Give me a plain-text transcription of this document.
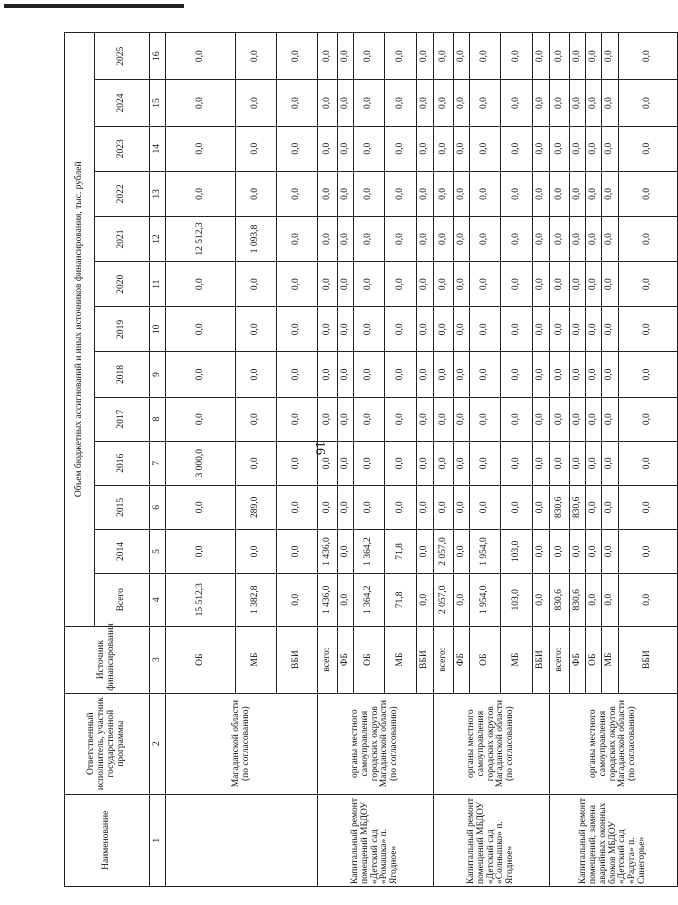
16
Наименование	Ответственный исполнитель, участник государственной программы	Источник финансирования	Объем бюджетных ассигнований и иных источников финансирования, тыс. рублей												
			Всего	2014	2015	2016	2017	2018	2019	2020	2021	2022	2023	2024	2025
1	2	3	4	5	6	7	8	9	10	11	12	13	14	15	16
	Магаданской области (по согласованию)	ОБ	15 512,3	0,0	0,0	3 000,0	0,0	0,0	0,0	0,0	12 512,3	0,0	0,0	0,0	0,0
		МБ	1 382,8	0,0	289,0	0,0	0,0	0,0	0,0	0,0	1 093,8	0,0	0,0	0,0	0,0
		ВБИ	0,0	0,0	0,0	0,0	0,0	0,0	0,0	0,0	0,0	0,0	0,0	0,0	0,0
Капитальный ремонт помещений МБДОУ «Детский сад «Ромашка» п. Ягодное»	органы местного самоуправления городских округов Магаданской области (по согласованию)	всего:	1 436,0	1 436,0	0,0	0,0	0,0	0,0	0,0	0,0	0,0	0,0	0,0	0,0	0,0
		ФБ	0,0	0,0	0,0	0,0	0,0	0,0	0,0	0,0	0,0	0,0	0,0	0,0	0,0
		ОБ	1 364,2	1 364,2	0,0	0,0	0,0	0,0	0,0	0,0	0,0	0,0	0,0	0,0	0,0
		МБ	71,8	71,8	0,0	0,0	0,0	0,0	0,0	0,0	0,0	0,0	0,0	0,0	0,0
		ВБИ	0,0	0,0	0,0	0,0	0,0	0,0	0,0	0,0	0,0	0,0	0,0	0,0	0,0
Капитальный ремонт помещений МБДОУ «Детский сад «Солнышко» п. Ягодное»	органы местного самоуправления городских округов Магаданской области (по согласованию)	всего:	2 057,0	2 057,0	0,0	0,0	0,0	0,0	0,0	0,0	0,0	0,0	0,0	0,0	0,0
		ФБ	0,0	0,0	0,0	0,0	0,0	0,0	0,0	0,0	0,0	0,0	0,0	0,0	0,0
		ОБ	1 954,0	1 954,0	0,0	0,0	0,0	0,0	0,0	0,0	0,0	0,0	0,0	0,0	0,0
		МБ	103,0	103,0	0,0	0,0	0,0	0,0	0,0	0,0	0,0	0,0	0,0	0,0	0,0
		ВБИ	0,0	0,0	0,0	0,0	0,0	0,0	0,0	0,0	0,0	0,0	0,0	0,0	0,0
Капитальный ремонт помещений, замена аварийных оконных блоков МБДОУ «Детский сад «Радуга» п. Синегорье»	органы местного самоуправления городских округов Магаданской области (по согласованию)	всего:	830,6	0,0	830,6	0,0	0,0	0,0	0,0	0,0	0,0	0,0	0,0	0,0	0,0
		ФБ	830,6	0,0	830,6	0,0	0,0	0,0	0,0	0,0	0,0	0,0	0,0	0,0	0,0
		ОБ	0,0	0,0	0,0	0,0	0,0	0,0	0,0	0,0	0,0	0,0	0,0	0,0	0,0
		МБ	0,0	0,0	0,0	0,0	0,0	0,0	0,0	0,0	0,0	0,0	0,0	0,0	0,0
		ВБИ	0,0	0,0	0,0	0,0	0,0	0,0	0,0	0,0	0,0	0,0	0,0	0,0	0,0
